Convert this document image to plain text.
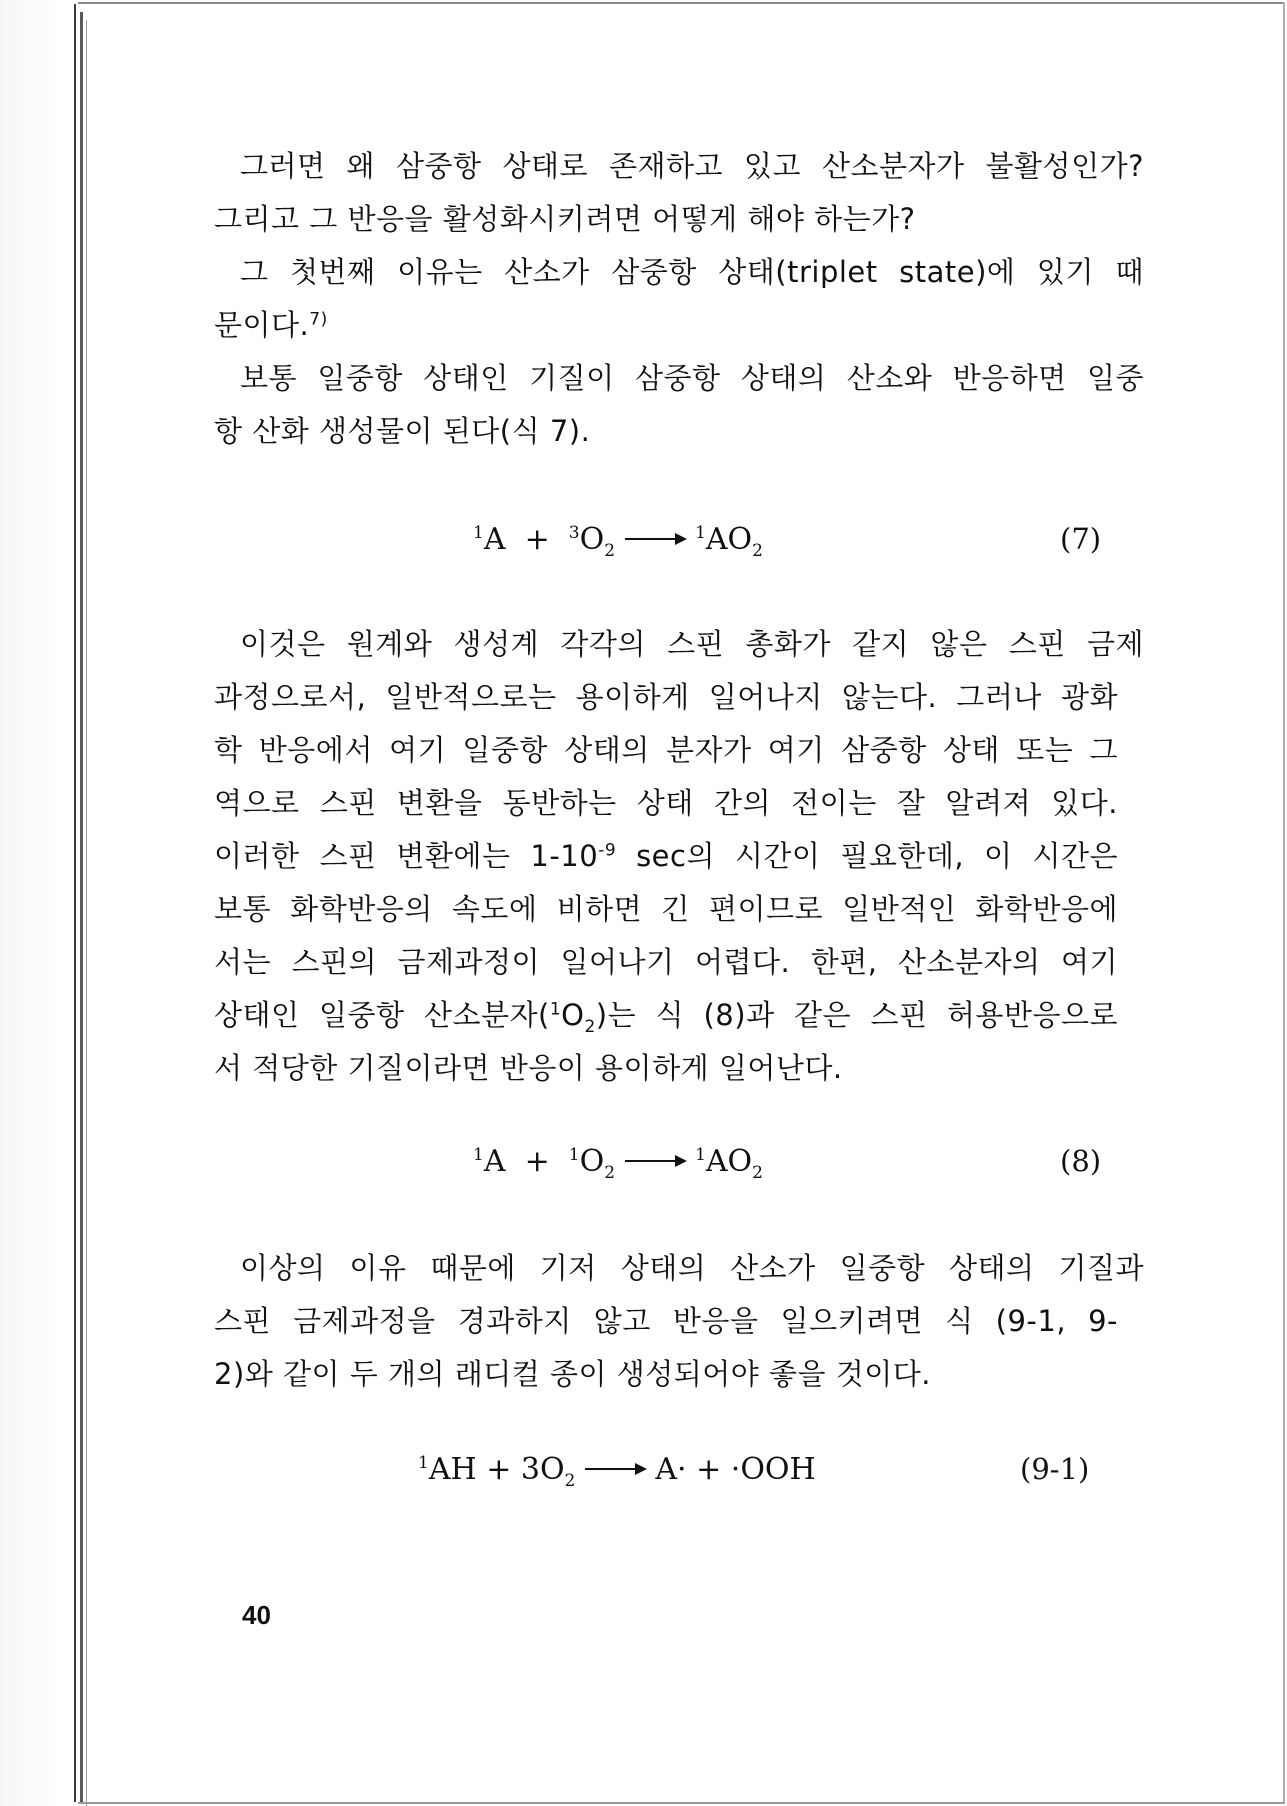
그러면 왜 삼중항 상태로 존재하고 있고 산소분자가 불활성인가?
그리고 그 반응을 활성화시키려면 어떻게 해야 하는가?
그 첫번째 이유는 산소가 삼중항 상태(triplet state)에 있기 때
문이다.$^{7)}$
보통 일중항 상태인 기질이 삼중항 상태의 산소와 반응하면 일중
항 산화 생성물이 된다(식 7).
$^1A + ^3O_2\to ^1AO_2$	(7)
이것은 원계와 생성계 각각의 스핀 총화가 같지 않은 스핀 금제
과정으로서, 일반적으로는 용이하게 일어나지 않는다. 그러나 광화
학 반응에서 여기 일중항 상태의 분자가 여기 삼중항 상태 또는 그
역으로 스핀 변환을 동반하는 상태 간의 전이는 잘 알려져 있다.
이러한 스핀 변환에는 $1-10^{-9}$ sec의 시간이 필요한데, 이 시간은
보통 화학반응의 속도에 비하면 긴 편이므로 일반적인 화학반응에
서는 스핀의 금제과정이 일어나기 어렵다. 한편, 산소분자의 여기
상태인 일중항 산소분자$(^1O_2)$는 식 (8)과 같은 스핀 허용반응으로
서 적당한 기질이라면 반응이 용이하게 일어난다.
$^1A + ^1O_2\to ^1AO_2$	(8)
이상의 이유 때문에 기저 상태의 산소가 일중항 상태의 기질과
스핀 금제과정을 경과하지 않고 반응을 일으키려면 식 (9-1, 9-
2)와 같이 두 개의 래디컬 종이 생성되어야 좋을 것이다.
$^1AH + 3O_2 \to A\cdot + \cdot OOH$	(9-1)
40
